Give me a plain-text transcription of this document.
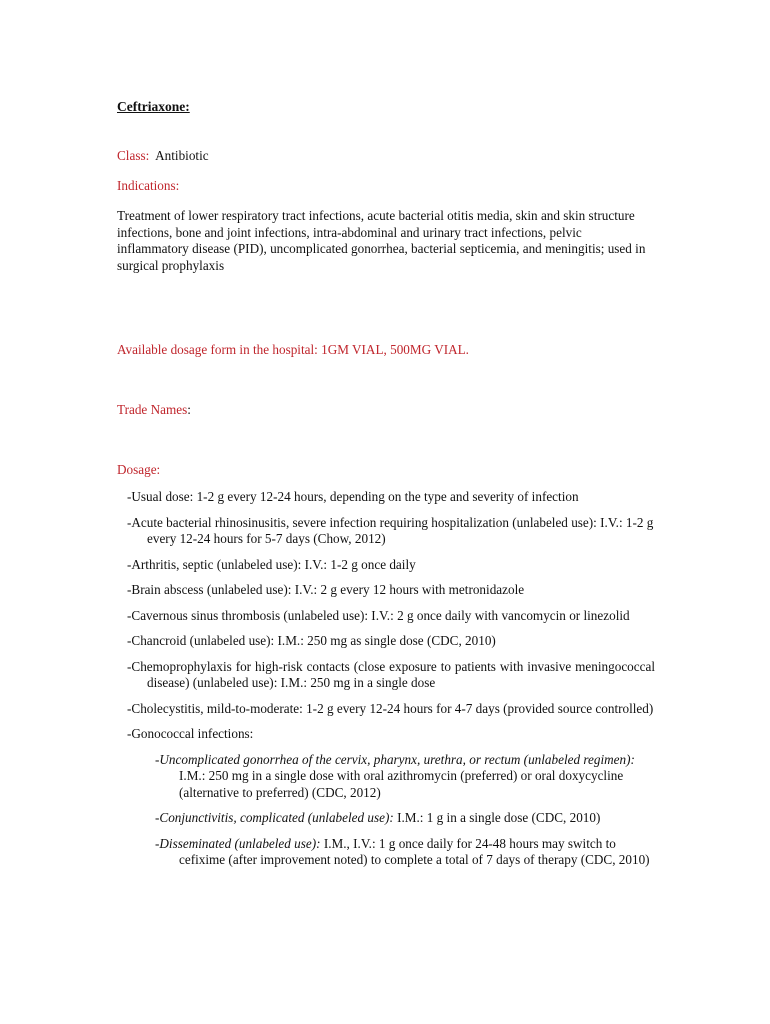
Ceftriaxone:
Class: Antibiotic
Indications:
Treatment of lower respiratory tract infections, acute bacterial otitis media, skin and skin structure infections, bone and joint infections, intra-abdominal and urinary tract infections, pelvic inflammatory disease (PID), uncomplicated gonorrhea, bacterial septicemia, and meningitis; used in surgical prophylaxis
Available dosage form in the hospital: 1GM VIAL, 500MG VIAL.
Trade Names:
Dosage:
-Usual dose: 1-2 g every 12-24 hours, depending on the type and severity of infection
-Acute bacterial rhinosinusitis, severe infection requiring hospitalization (unlabeled use): I.V.: 1-2 g every 12-24 hours for 5-7 days (Chow, 2012)
-Arthritis, septic (unlabeled use): I.V.: 1-2 g once daily
-Brain abscess (unlabeled use): I.V.: 2 g every 12 hours with metronidazole
-Cavernous sinus thrombosis (unlabeled use): I.V.: 2 g once daily with vancomycin or linezolid
-Chancroid (unlabeled use): I.M.: 250 mg as single dose (CDC, 2010)
-Chemoprophylaxis for high-risk contacts (close exposure to patients with invasive meningococcal disease) (unlabeled use): I.M.: 250 mg in a single dose
-Cholecystitis, mild-to-moderate: 1-2 g every 12-24 hours for 4-7 days (provided source controlled)
-Gonococcal infections:
-Uncomplicated gonorrhea of the cervix, pharynx, urethra, or rectum (unlabeled regimen): I.M.: 250 mg in a single dose with oral azithromycin (preferred) or oral doxycycline (alternative to preferred) (CDC, 2012)
-Conjunctivitis, complicated (unlabeled use): I.M.: 1 g in a single dose (CDC, 2010)
-Disseminated (unlabeled use): I.M., I.V.: 1 g once daily for 24-48 hours may switch to cefixime (after improvement noted) to complete a total of 7 days of therapy (CDC, 2010)
